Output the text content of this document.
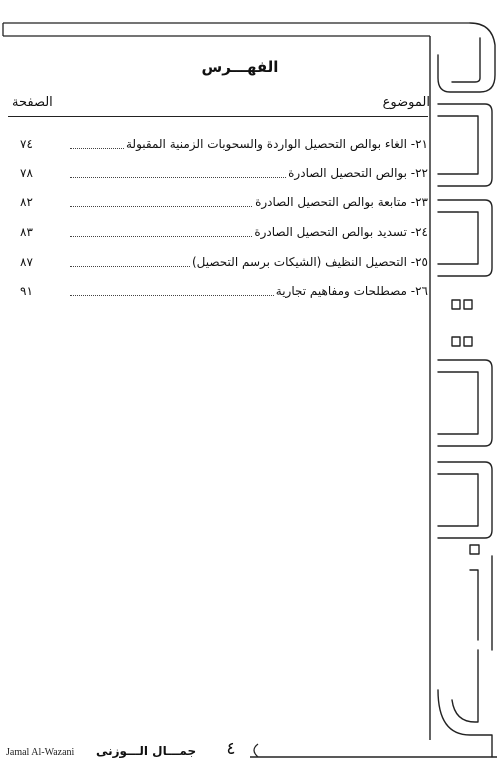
الفهـــرس
الموضوع
الصفحة
٢١- الغاء بوالص التحصيل الواردة والسحوبات الزمنية المقبولة
٧٤
٢٢- بوالص التحصيل الصادرة
٧٨
٢٣- متابعة بوالص التحصيل الصادرة
٨٢
٢٤- تسديد بوالص التحصيل الصادرة
٨٣
٢٥- التحصيل النظيف (الشيكات برسم التحصيل)
٨٧
٢٦- مصطلحات ومفاهيم تجارية
٩١
Jamal Al-Wazani جمـــال الـــوزنى	٤
